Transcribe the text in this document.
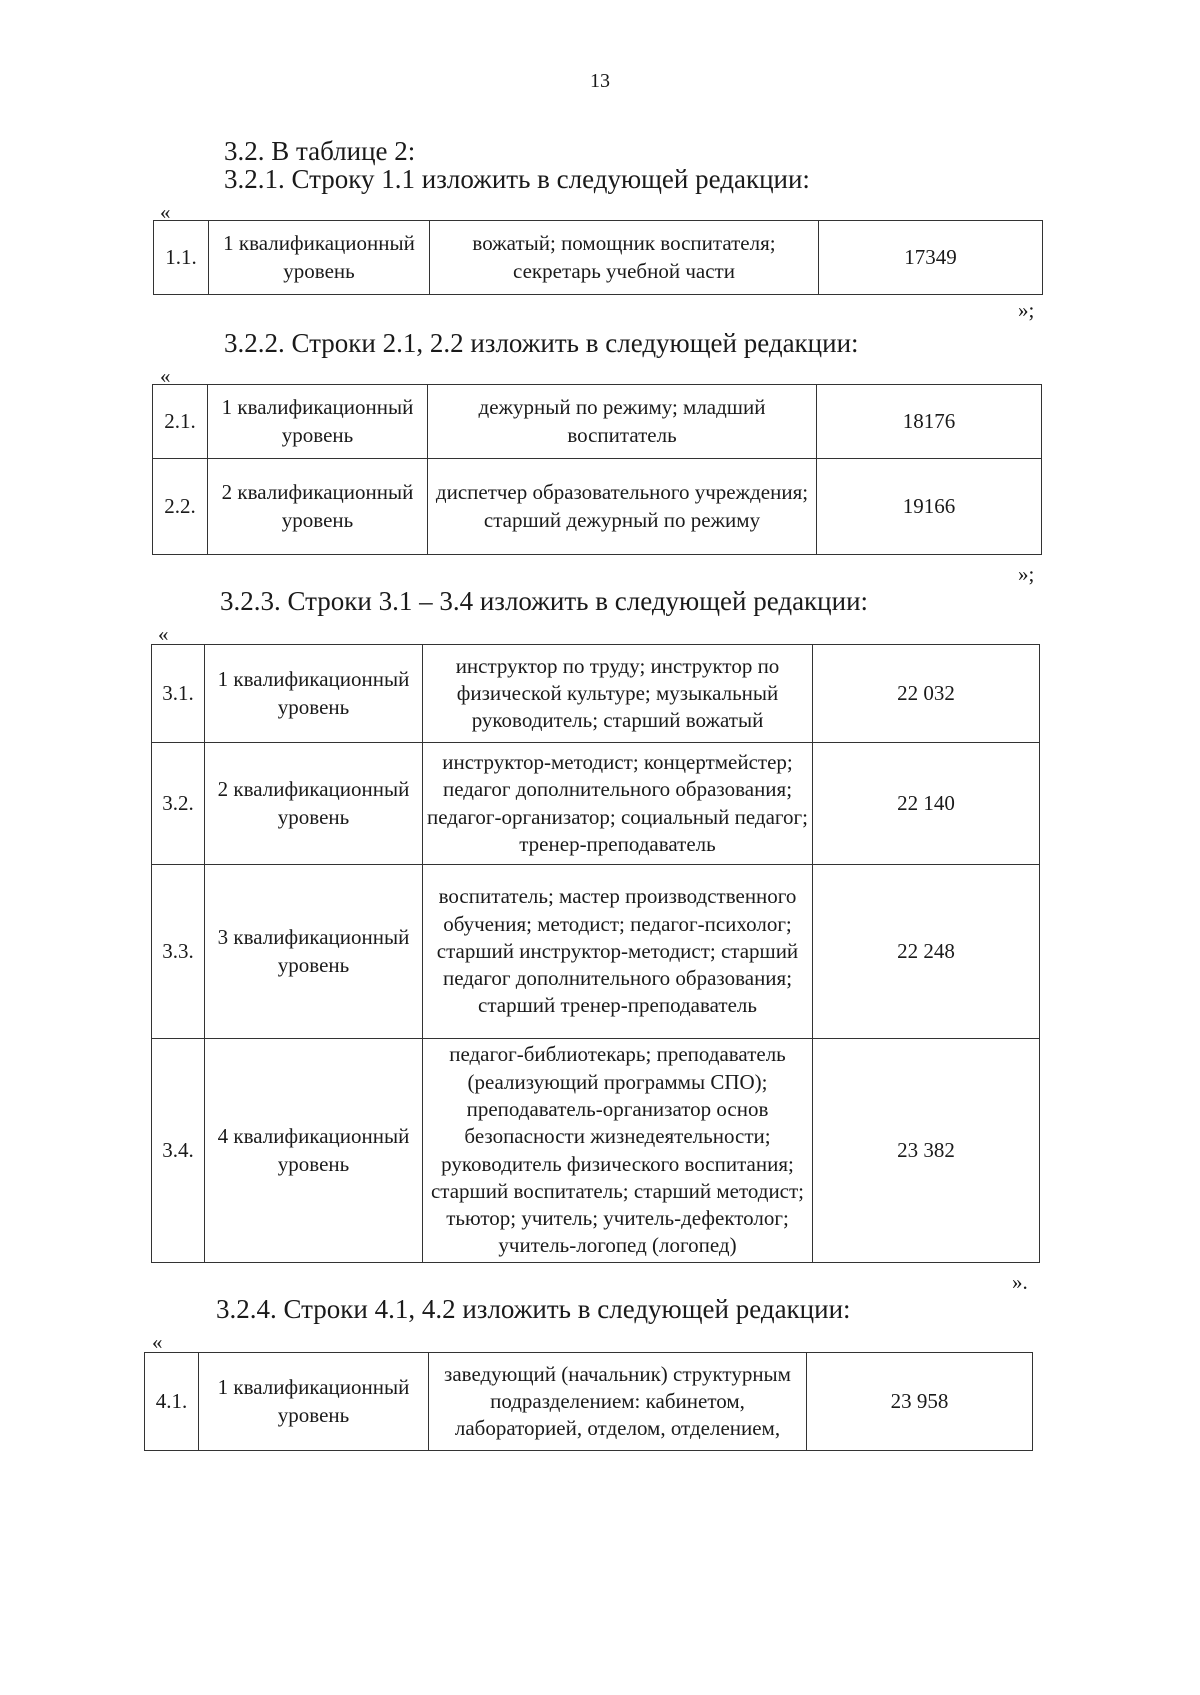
13
3.2. В таблице 2:
3.2.1. Строку 1.1 изложить в следующей редакции:
«
1.1.	1 квалификационный уровень	вожатый; помощник воспитателя; секретарь учебной части	17349
»;
3.2.2. Строки 2.1, 2.2 изложить в следующей редакции:
«
2.1.	1 квалификационный уровень	дежурный по режиму; младший воспитатель	18176
2.2.	2 квалификационный уровень	диспетчер образовательного учреждения; старший дежурный по режиму	19166
»;
3.2.3. Строки 3.1 – 3.4 изложить в следующей редакции:
«
3.1.	1 квалификационный уровень	инструктор по труду; инструктор по физической культуре; музыкальный руководитель; старший вожатый	22 032
3.2.	2 квалификационный уровень	инструктор-методист; концертмейстер; педагог дополнительного образования; педагог-организатор; социальный педагог; тренер-преподаватель	22 140
3.3.	3 квалификационный уровень	воспитатель; мастер производственного обучения; методист; педагог-психолог; старший инструктор-методист; старший педагог дополнительного образования; старший тренер-преподаватель	22 248
3.4.	4 квалификационный уровень	педагог-библиотекарь; преподаватель (реализующий программы СПО); преподаватель-организатор основ безопасности жизнедеятельности; руководитель физического воспитания; старший воспитатель; старший методист; тьютор; учитель; учитель-дефектолог; учитель-логопед (логопед)	23 382
».
3.2.4. Строки 4.1, 4.2 изложить в следующей редакции:
«
4.1.	1 квалификационный уровень	заведующий (начальник) структурным подразделением: кабинетом, лабораторией, отделом, отделением,	23 958
